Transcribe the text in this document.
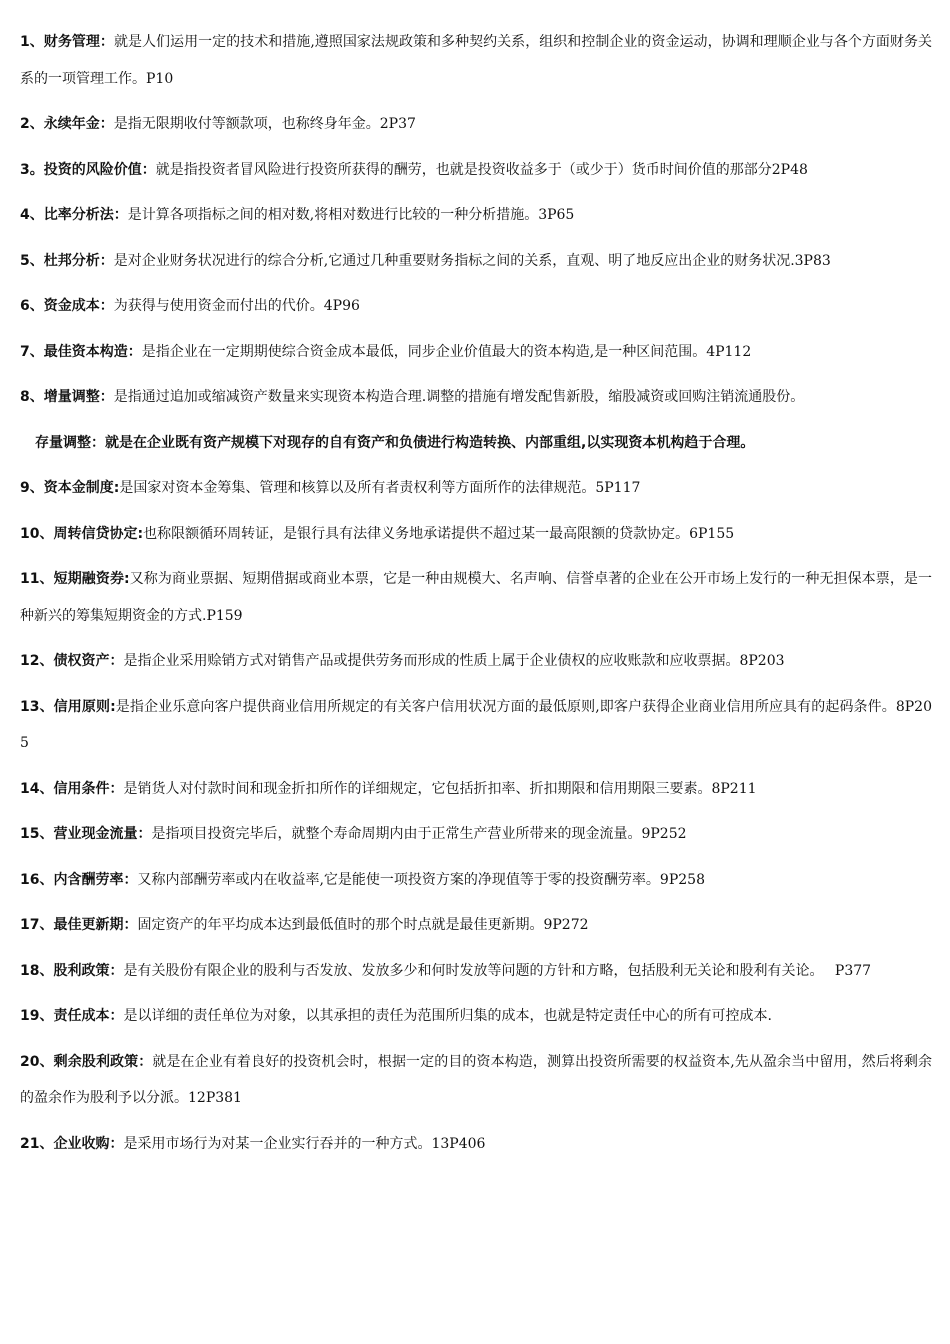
1、财务管理：就是人们运用一定的技术和措施,遵照国家法规政策和多种契约关系，组织和控制企业的资金运动，协调和理顺企业与各个方面财务关系的一项管理工作。P10

2、永续年金：是指无限期收付等额款项，也称终身年金。2P37

3。投资的风险价值：就是指投资者冒风险进行投资所获得的酬劳，也就是投资收益多于（或少于）货币时间价值的那部分2P48

4、比率分析法：是计算各项指标之间的相对数,将相对数进行比较的一种分析措施。3P65

5、杜邦分析：是对企业财务状况进行的综合分析,它通过几种重要财务指标之间的关系，直观、明了地反应出企业的财务状况.3P83

6、资金成本：为获得与使用资金而付出的代价。4P96

7、最佳资本构造：是指企业在一定期期使综合资金成本最低，同步企业价值最大的资本构造,是一种区间范围。4P112

8、增量调整：是指通过追加或缩减资产数量来实现资本构造合理.调整的措施有增发配售新股，缩股减资或回购注销流通股份。

存量调整：就是在企业既有资产规模下对现存的自有资产和负债进行构造转换、内部重组,以实现资本机构趋于合理。

9、资本金制度:是国家对资本金筹集、管理和核算以及所有者责权利等方面所作的法律规范。5P117

10、周转信贷协定:也称限额循环周转证，是银行具有法律义务地承诺提供不超过某一最高限额的贷款协定。6P155

11、短期融资券:又称为商业票据、短期借据或商业本票，它是一种由规模大、名声响、信誉卓著的企业在公开市场上发行的一种无担保本票，是一种新兴的筹集短期资金的方式.P159

12、债权资产：是指企业采用赊销方式对销售产品或提供劳务而形成的性质上属于企业债权的应收账款和应收票据。8P203

13、信用原则:是指企业乐意向客户提供商业信用所规定的有关客户信用状况方面的最低原则,即客户获得企业商业信用所应具有的起码条件。8P205

14、信用条件：是销货人对付款时间和现金折扣所作的详细规定，它包括折扣率、折扣期限和信用期限三要素。8P211

15、营业现金流量：是指项目投资完毕后，就整个寿命周期内由于正常生产营业所带来的现金流量。9P252

16、内含酬劳率：又称内部酬劳率或内在收益率,它是能使一项投资方案的净现值等于零的投资酬劳率。9P258

17、最佳更新期：固定资产的年平均成本达到最低值时的那个时点就是最佳更新期。9P272

18、股利政策：是有关股份有限企业的股利与否发放、发放多少和何时发放等问题的方针和方略，包括股利无关论和股利有关论。　 P377

19、责任成本：是以详细的责任单位为对象，以其承担的责任为范围所归集的成本，也就是特定责任中心的所有可控成本.

20、剩余股利政策：就是在企业有着良好的投资机会时，根据一定的目的资本构造，测算出投资所需要的权益资本,先从盈余当中留用，然后将剩余的盈余作为股利予以分派。12P381

21、企业收购：是采用市场行为对某一企业实行吞并的一种方式。13P406
